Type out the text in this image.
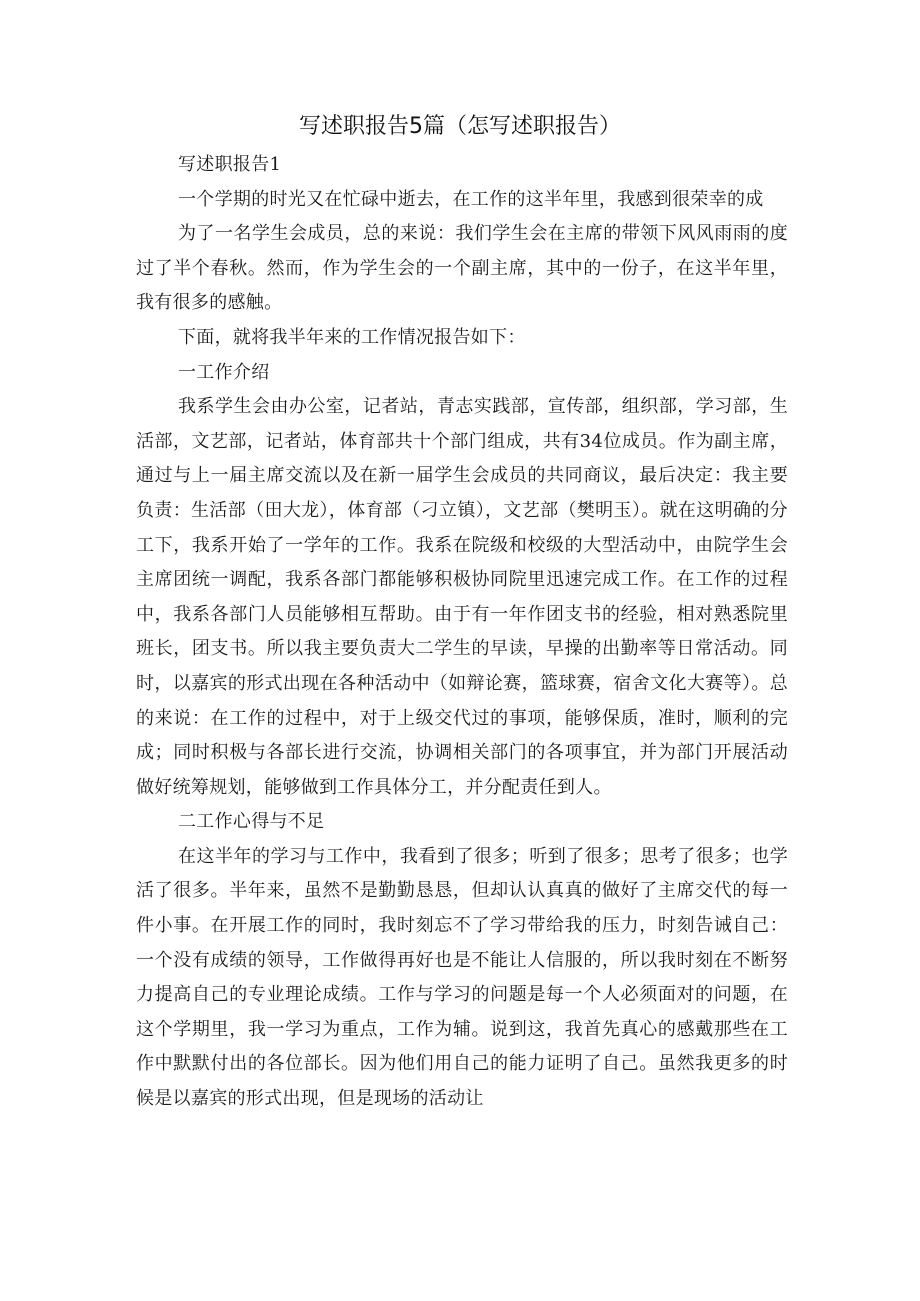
写述职报告5篇（怎写述职报告）

写述职报告1

一个学期的时光又在忙碌中逝去，在工作的这半年里，我感到很荣幸的成

为了一名学生会成员，总的来说：我们学生会在主席的带领下风风雨雨的度过了半个春秋。然而，作为学生会的一个副主席，其中的一份子，在这半年里，我有很多的感触。

下面，就将我半年来的工作情况报告如下：

一工作介绍

我系学生会由办公室，记者站，青志实践部，宣传部，组织部，学习部，生活部，文艺部，记者站，体育部共十个部门组成，共有34位成员。作为副主席，通过与上一届主席交流以及在新一届学生会成员的共同商议，最后决定：我主要负责：生活部（田大龙），体育部（刁立镇），文艺部（樊明玉）。就在这明确的分工下，我系开始了一学年的工作。我系在院级和校级的大型活动中，由院学生会主席团统一调配，我系各部门都能够积极协同院里迅速完成工作。在工作的过程中，我系各部门人员能够相互帮助。由于有一年作团支书的经验，相对熟悉院里班长，团支书。所以我主要负责大二学生的早读，早操的出勤率等日常活动。同时，以嘉宾的形式出现在各种活动中（如辩论赛，篮球赛，宿舍文化大赛等）。总的来说：在工作的过程中，对于上级交代过的事项，能够保质，准时，顺利的完成；同时积极与各部长进行交流，协调相关部门的各项事宜，并为部门开展活动做好统筹规划，能够做到工作具体分工，并分配责任到人。

二工作心得与不足

在这半年的学习与工作中，我看到了很多；听到了很多；思考了很多；也学活了很多。半年来，虽然不是勤勤恳恳，但却认认真真的做好了主席交代的每一件小事。在开展工作的同时，我时刻忘不了学习带给我的压力，时刻告诫自己：一个没有成绩的领导，工作做得再好也是不能让人信服的，所以我时刻在不断努力提高自己的专业理论成绩。工作与学习的问题是每一个人必须面对的问题，在这个学期里，我一学习为重点，工作为辅。说到这，我首先真心的感戴那些在工作中默默付出的各位部长。因为他们用自己的能力证明了自己。虽然我更多的时候是以嘉宾的形式出现，但是现场的活动让
